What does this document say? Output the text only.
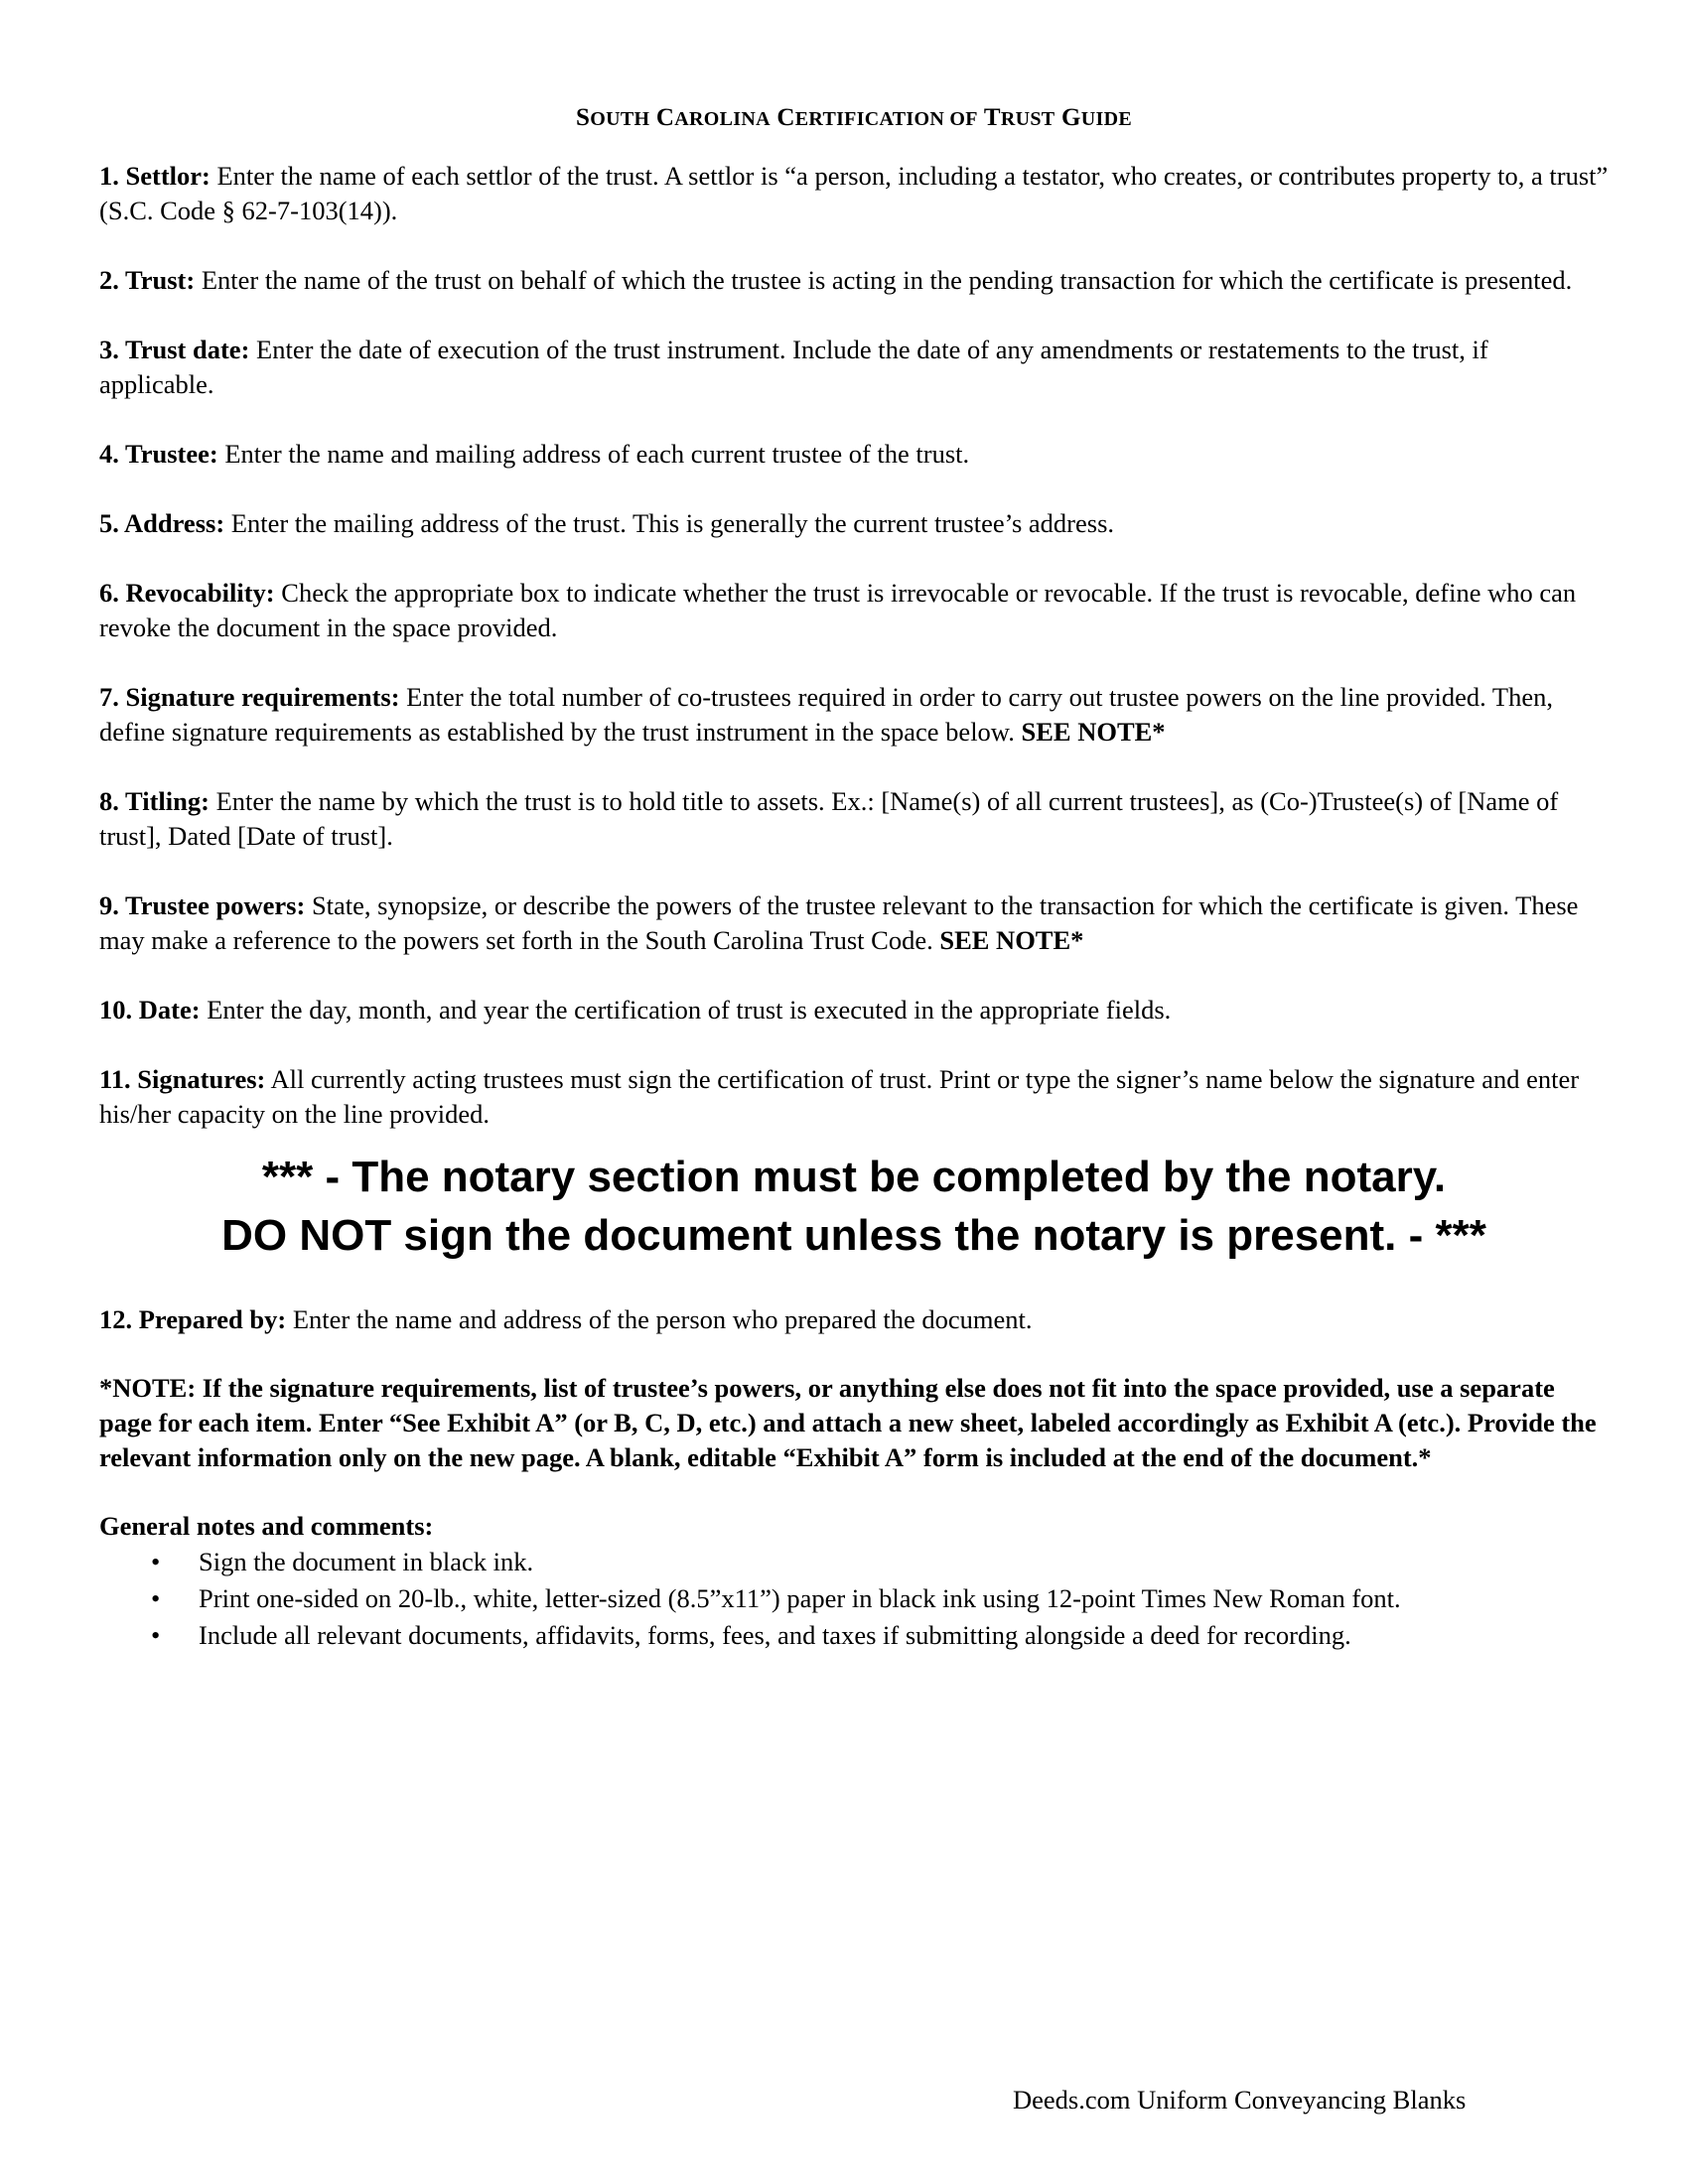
SOUTH CAROLINA CERTIFICATION OF TRUST GUIDE
1. Settlor: Enter the name of each settlor of the trust. A settlor is “a person, including a testator, who creates, or contributes property to, a trust” (S.C. Code § 62-7-103(14)).
2. Trust: Enter the name of the trust on behalf of which the trustee is acting in the pending transaction for which the certificate is presented.
3. Trust date: Enter the date of execution of the trust instrument. Include the date of any amendments or restatements to the trust, if applicable.
4. Trustee: Enter the name and mailing address of each current trustee of the trust.
5. Address: Enter the mailing address of the trust. This is generally the current trustee’s address.
6. Revocability: Check the appropriate box to indicate whether the trust is irrevocable or revocable. If the trust is revocable, define who can revoke the document in the space provided.
7. Signature requirements: Enter the total number of co-trustees required in order to carry out trustee powers on the line provided. Then, define signature requirements as established by the trust instrument in the space below. SEE NOTE*
8. Titling: Enter the name by which the trust is to hold title to assets. Ex.: [Name(s) of all current trustees], as (Co-)Trustee(s) of [Name of trust], Dated [Date of trust].
9. Trustee powers: State, synopsize, or describe the powers of the trustee relevant to the transaction for which the certificate is given. These may make a reference to the powers set forth in the South Carolina Trust Code. SEE NOTE*
10. Date: Enter the day, month, and year the certification of trust is executed in the appropriate fields.
11. Signatures: All currently acting trustees must sign the certification of trust. Print or type the signer’s name below the signature and enter his/her capacity on the line provided.
*** - The notary section must be completed by the notary.
DO NOT sign the document unless the notary is present. - ***
12. Prepared by: Enter the name and address of the person who prepared the document.
*NOTE: If the signature requirements, list of trustee’s powers, or anything else does not fit into the space provided, use a separate page for each item. Enter “See Exhibit A” (or B, C, D, etc.) and attach a new sheet, labeled accordingly as Exhibit A (etc.). Provide the relevant information only on the new page. A blank, editable “Exhibit A” form is included at the end of the document.*
General notes and comments:
• Sign the document in black ink.
• Print one-sided on 20-lb., white, letter-sized (8.5”x11”) paper in black ink using 12-point Times New Roman font.
• Include all relevant documents, affidavits, forms, fees, and taxes if submitting alongside a deed for recording.
Deeds.com Uniform Conveyancing Blanks
